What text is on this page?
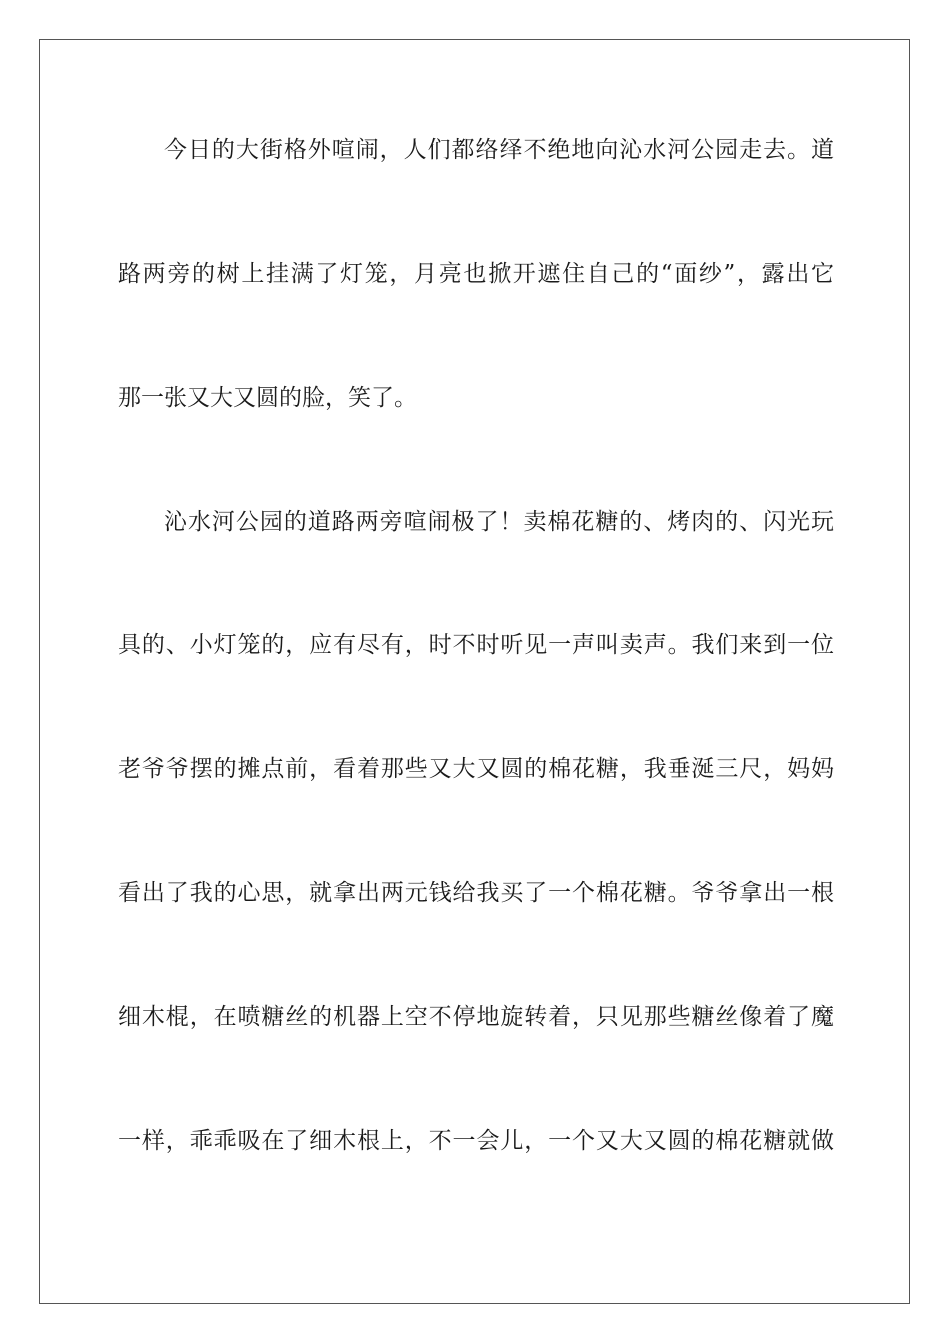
今日的大街格外喧闹，人们都络绎不绝地向沁水河公园走去。道
路两旁的树上挂满了灯笼，月亮也掀开遮住自己的“面纱”，露出它
那一张又大又圆的脸，笑了。
沁水河公园的道路两旁喧闹极了！卖棉花糖的、烤肉的、闪光玩
具的、小灯笼的，应有尽有，时不时听见一声叫卖声。我们来到一位
老爷爷摆的摊点前，看着那些又大又圆的棉花糖，我垂涎三尺，妈妈
看出了我的心思，就拿出两元钱给我买了一个棉花糖。爷爷拿出一根
细木棍，在喷糖丝的机器上空不停地旋转着，只见那些糖丝像着了魔
一样，乖乖吸在了细木根上，不一会儿，一个又大又圆的棉花糖就做
